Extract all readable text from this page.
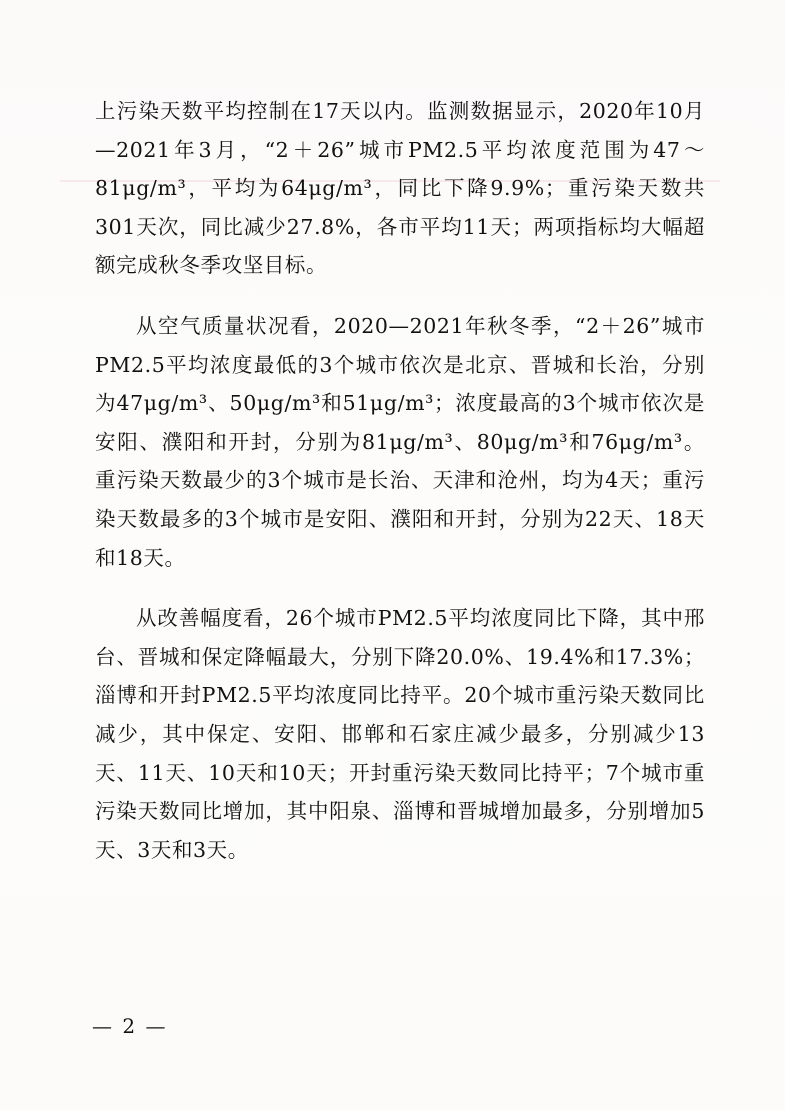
上污染天数平均控制在17天以内。监测数据显示，2020年10月—2021年3月，“2＋26”城市PM2.5平均浓度范围为47～81μg/m³，平均为64μg/m³，同比下降9.9%；重污染天数共301天次，同比减少27.8%，各市平均11天；两项指标均大幅超额完成秋冬季攻坚目标。

从空气质量状况看，2020—2021年秋冬季，“2＋26”城市PM2.5平均浓度最低的3个城市依次是北京、晋城和长治，分别为47μg/m³、50μg/m³和51μg/m³；浓度最高的3个城市依次是安阳、濮阳和开封，分别为81μg/m³、80μg/m³和76μg/m³。重污染天数最少的3个城市是长治、天津和沧州，均为4天；重污染天数最多的3个城市是安阳、濮阳和开封，分别为22天、18天和18天。

从改善幅度看，26个城市PM2.5平均浓度同比下降，其中邢台、晋城和保定降幅最大，分别下降20.0%、19.4%和17.3%；淄博和开封PM2.5平均浓度同比持平。20个城市重污染天数同比减少，其中保定、安阳、邯郸和石家庄减少最多，分别减少13天、11天、10天和10天；开封重污染天数同比持平；7个城市重污染天数同比增加，其中阳泉、淄博和晋城增加最多，分别增加5天、3天和3天。

— 2 —
